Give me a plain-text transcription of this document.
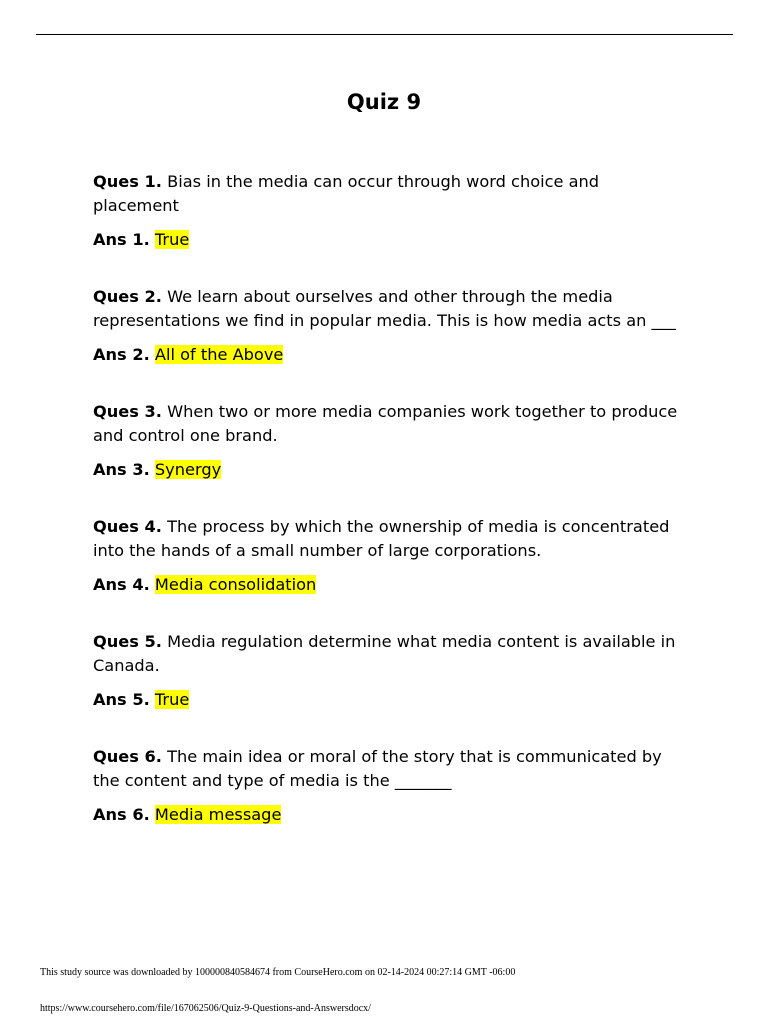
Quiz 9

Ques 1. Bias in the media can occur through word choice and placement

Ans 1. True

Ques 2. We learn about ourselves and other through the media representations we find in popular media. This is how media acts an ___

Ans 2. All of the Above

Ques 3. When two or more media companies work together to produce and control one brand.

Ans 3. Synergy

Ques 4. The process by which the ownership of media is concentrated into the hands of a small number of large corporations.

Ans 4. Media consolidation

Ques 5. Media regulation determine what media content is available in Canada.

Ans 5. True

Ques 6. The main idea or moral of the story that is communicated by the content and type of media is the _______

Ans 6. Media message

This study source was downloaded by 100000840584674 from CourseHero.com on 02-14-2024 00:27:14 GMT -06:00
https://www.coursehero.com/file/167062506/Quiz-9-Questions-and-Answersdocx/
